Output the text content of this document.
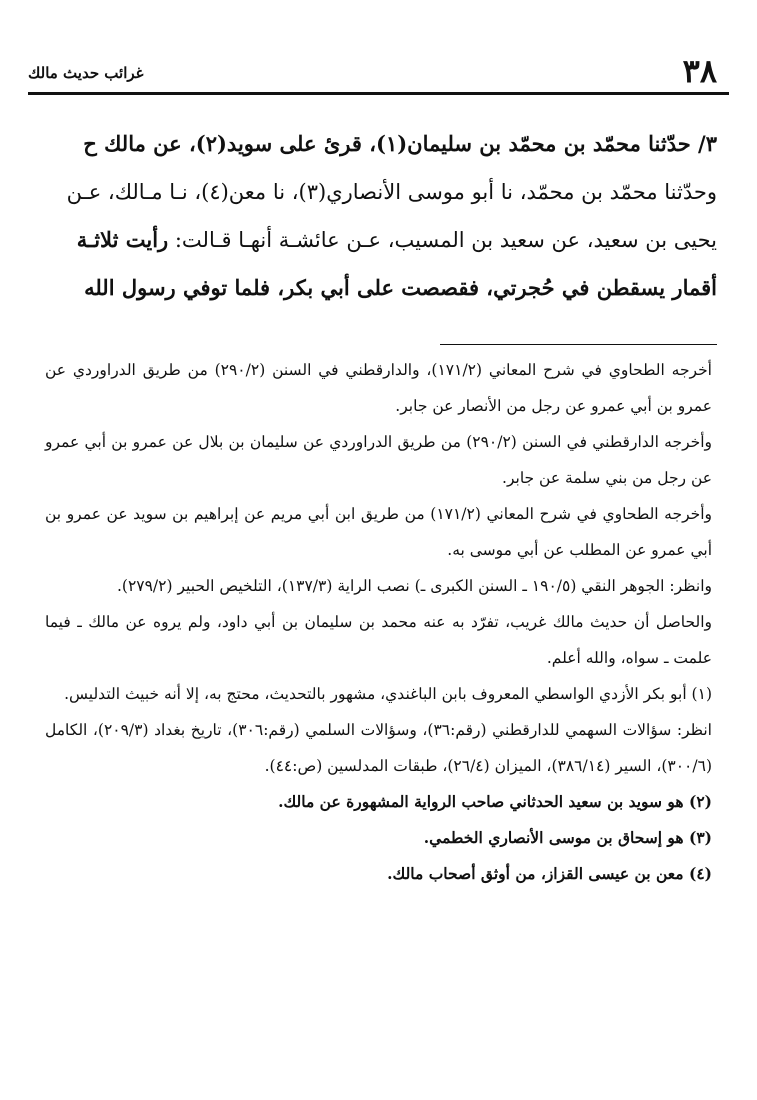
٣٨
غرائب حديث مالك

٣/ حدّثنا محمّد بن محمّد بن سليمان(١)، قرئ على سويد(٢)، عن مالك ح

وحدّثنا محمّد بن محمّد، نا أبو موسى الأنصاري(٣)، نا معن(٤)، نـا مـالك، عـن

يحيى بن سعيد، عن سعيد بن المسيب، عـن عائشـة أنهـا قـالت: رأيت ثلاثـة

أقمار يسقطن في حُجرتي، فقصصت على أبي بكر، فلما توفي رسول الله

أخرجه الطحاوي في شرح المعاني (١٧١/٢)، والدارقطني في السنن (٢٩٠/٢) من طريق الدراوردي عن عمرو بن أبي عمرو عن رجل من الأنصار عن جابر.

وأخرجه الدارقطني في السنن (٢٩٠/٢) من طريق الدراوردي عن سليمان بن بلال عن عمرو بن أبي عمرو عن رجل من بني سلمة عن جابر.

وأخرجه الطحاوي في شرح المعاني (١٧١/٢) من طريق ابن أبي مريم عن إبراهيم بن سويد عن عمرو بن أبي عمرو عن المطلب عن أبي موسى به.

وانظر: الجوهر النقي (١٩٠/٥ ـ السنن الكبرى ـ) نصب الراية (١٣٧/٣)، التلخيص الحبير (٢٧٩/٢).

والحاصل أن حديث مالك غريب، تفرّد به عنه محمد بن سليمان بن أبي داود، ولم يروه عن مالك ـ فيما علمت ـ سواه، والله أعلم.

(١) أبو بكر الأزدي الواسطي المعروف بابن الباغندي، مشهور بالتحديث، محتج به، إلا أنه خبيث التدليس.

انظر: سؤالات السهمي للدارقطني (رقم:٣٦)، وسؤالات السلمي (رقم:٣٠٦)، تاريخ بغداد (٢٠٩/٣)، الكامل (٣٠٠/٦)، السير (٣٨٦/١٤)، الميزان (٢٦/٤)، طبقات المدلسين (ص:٤٤).

(٢) هو سويد بن سعيد الحدثاني صاحب الرواية المشهورة عن مالك.

(٣) هو إسحاق بن موسى الأنصاري الخطمي.

(٤) معن بن عيسى القزاز، من أوثق أصحاب مالك.
